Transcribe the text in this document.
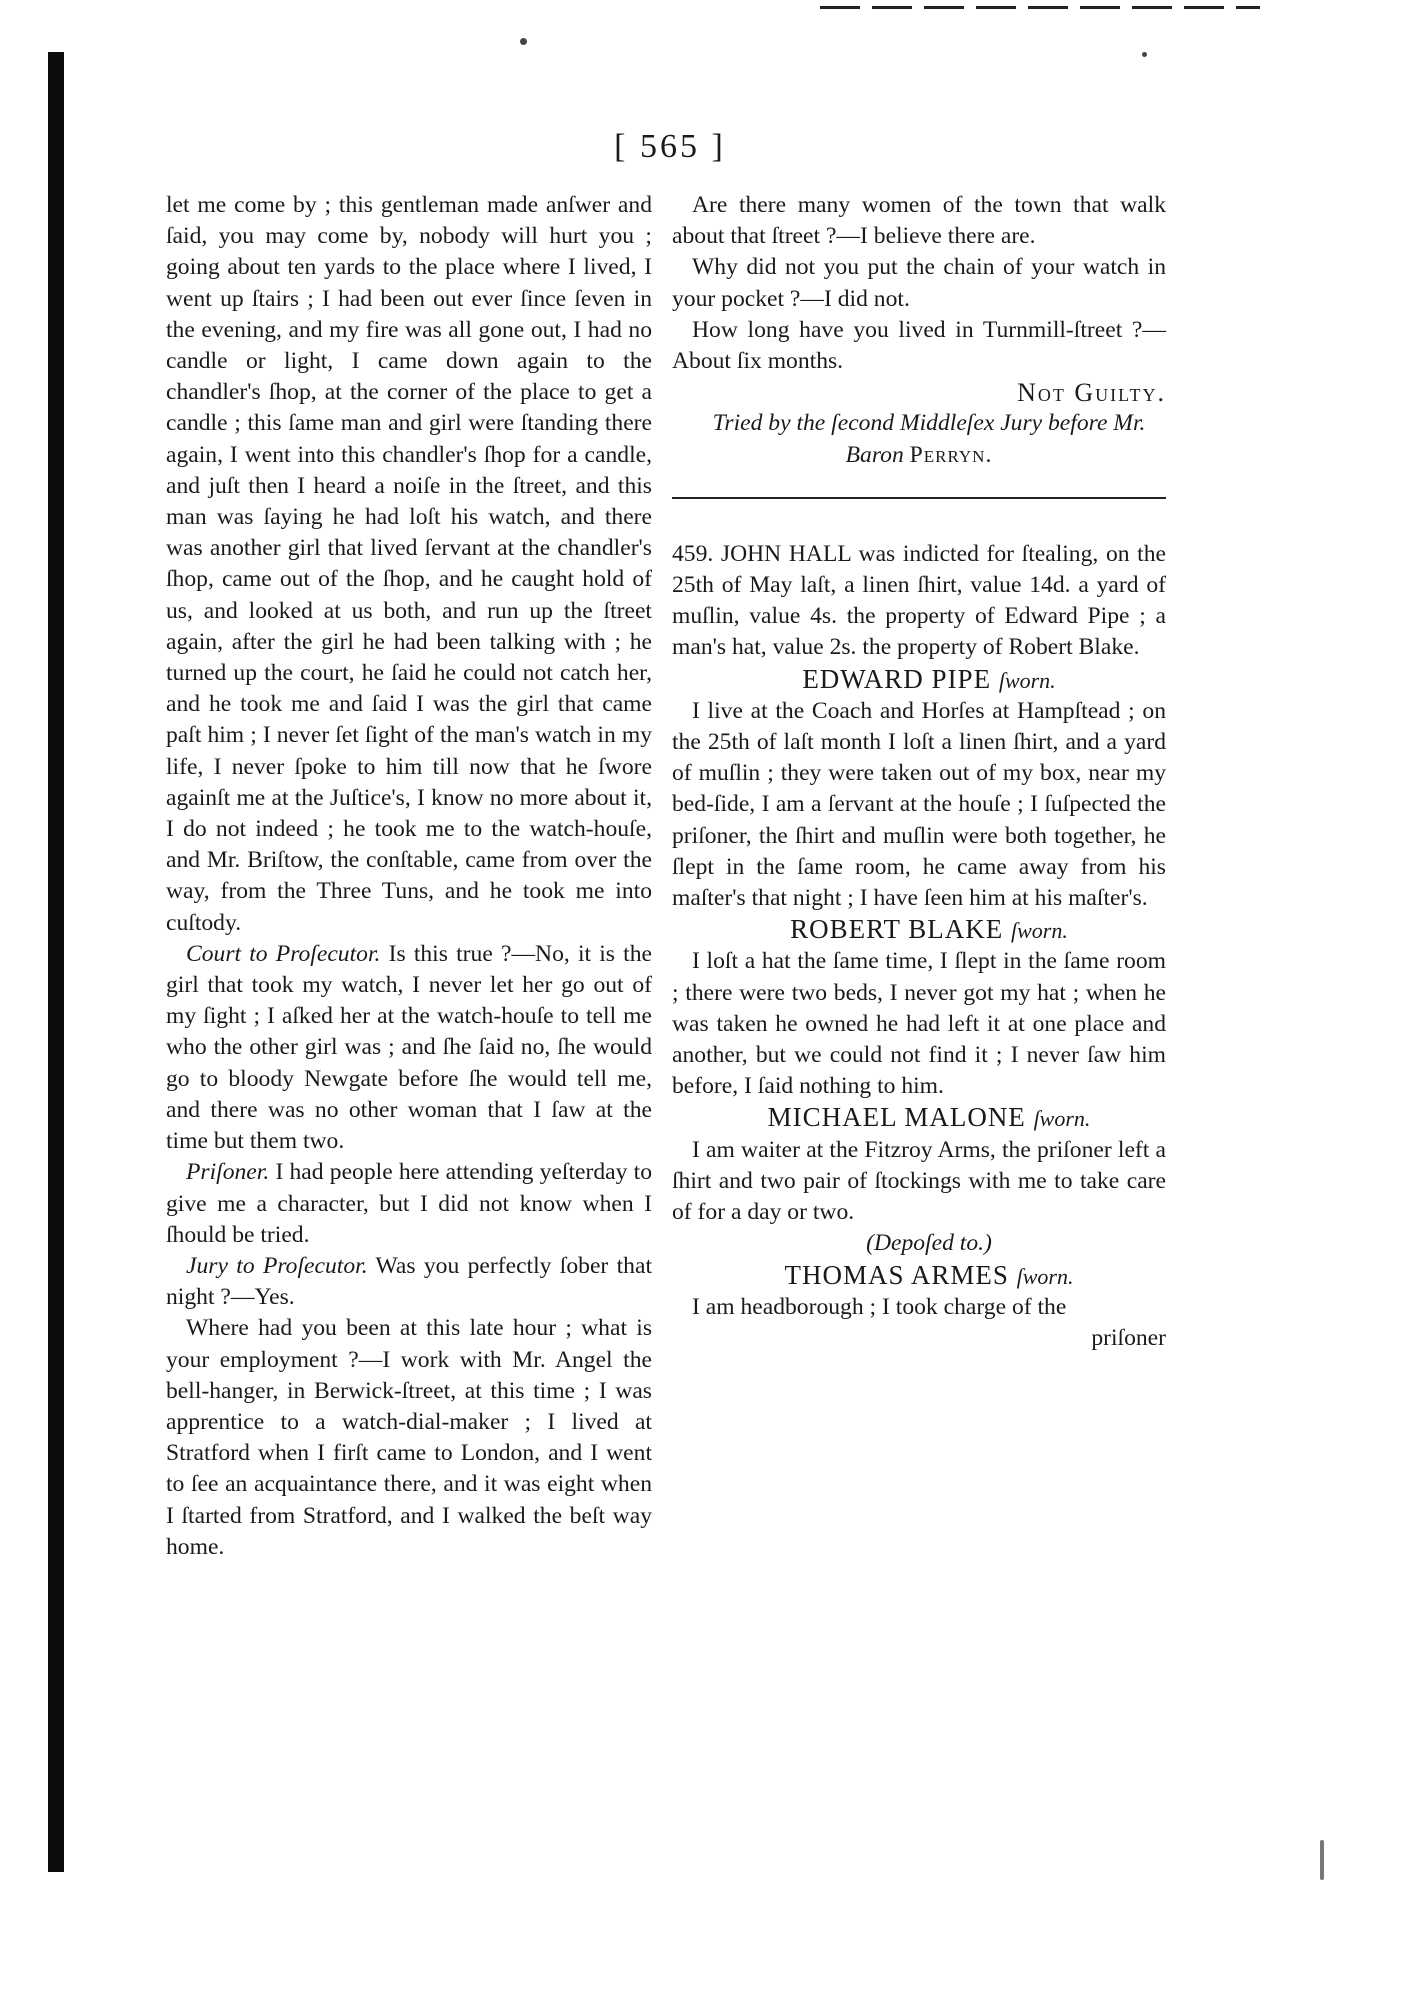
[ 565 ]

let me come by ; this gentleman made anſwer and ſaid, you may come by, nobody will hurt you ; going about ten yards to the place where I lived, I went up ſtairs ; I had been out ever ſince ſeven in the evening, and my fire was all gone out, I had no candle or light, I came down again to the chandler's ſhop, at the corner of the place to get a candle ; this ſame man and girl were ſtanding there again, I went into this chandler's ſhop for a candle, and juſt then I heard a noiſe in the ſtreet, and this man was ſaying he had loſt his watch, and there was another girl that lived ſervant at the chandler's ſhop, came out of the ſhop, and he caught hold of us, and looked at us both, and run up the ſtreet again, after the girl he had been talking with ; he turned up the court, he ſaid he could not catch her, and he took me and ſaid I was the girl that came paſt him ; I never ſet ſight of the man's watch in my life, I never ſpoke to him till now that he ſwore againſt me at the Juſtice's, I know no more about it, I do not indeed ; he took me to the watch-houſe, and Mr. Briſtow, the conſtable, came from over the way, from the Three Tuns, and he took me into cuſtody.

Court to Proſecutor. Is this true ?—No, it is the girl that took my watch, I never let her go out of my ſight ; I aſked her at the watch-houſe to tell me who the other girl was ; and ſhe ſaid no, ſhe would go to bloody Newgate before ſhe would tell me, and there was no other woman that I ſaw at the time but them two.

Priſoner. I had people here attending yeſterday to give me a character, but I did not know when I ſhould be tried.

Jury to Proſecutor. Was you perfectly ſober that night ?—Yes.

Where had you been at this late hour ; what is your employment ?—I work with Mr. Angel the bell-hanger, in Berwick-ſtreet, at this time ; I was apprentice to a watch-dial-maker ; I lived at Stratford when I firſt came to London, and I went to ſee an acquaintance there, and it was eight when I ſtarted from Stratford, and I walked the beſt way home.

Are there many women of the town that walk about that ſtreet ?—I believe there are.

Why did not you put the chain of your watch in your pocket ?—I did not.

How long have you lived in Turnmill-ſtreet ?—About ſix months.

Not Guilty.

Tried by the ſecond Middleſex Jury before Mr. Baron Perryn.

459. JOHN HALL was indicted for ſtealing, on the 25th of May laſt, a linen ſhirt, value 14d. a yard of muſlin, value 4s. the property of Edward Pipe ; a man's hat, value 2s. the property of Robert Blake.

EDWARD PIPE ſworn.

I live at the Coach and Horſes at Hampſtead ; on the 25th of laſt month I loſt a linen ſhirt, and a yard of muſlin ; they were taken out of my box, near my bed-ſide, I am a ſervant at the houſe ; I ſuſpected the priſoner, the ſhirt and muſlin were both together, he ſlept in the ſame room, he came away from his maſter's that night ; I have ſeen him at his maſter's.

ROBERT BLAKE ſworn.

I loſt a hat the ſame time, I ſlept in the ſame room ; there were two beds, I never got my hat ; when he was taken he owned he had left it at one place and another, but we could not find it ; I never ſaw him before, I ſaid nothing to him.

MICHAEL MALONE ſworn.

I am waiter at the Fitzroy Arms, the priſoner left a ſhirt and two pair of ſtockings with me to take care of for a day or two.

(Depoſed to.)

THOMAS ARMES ſworn.

I am headborough ; I took charge of the

priſoner
